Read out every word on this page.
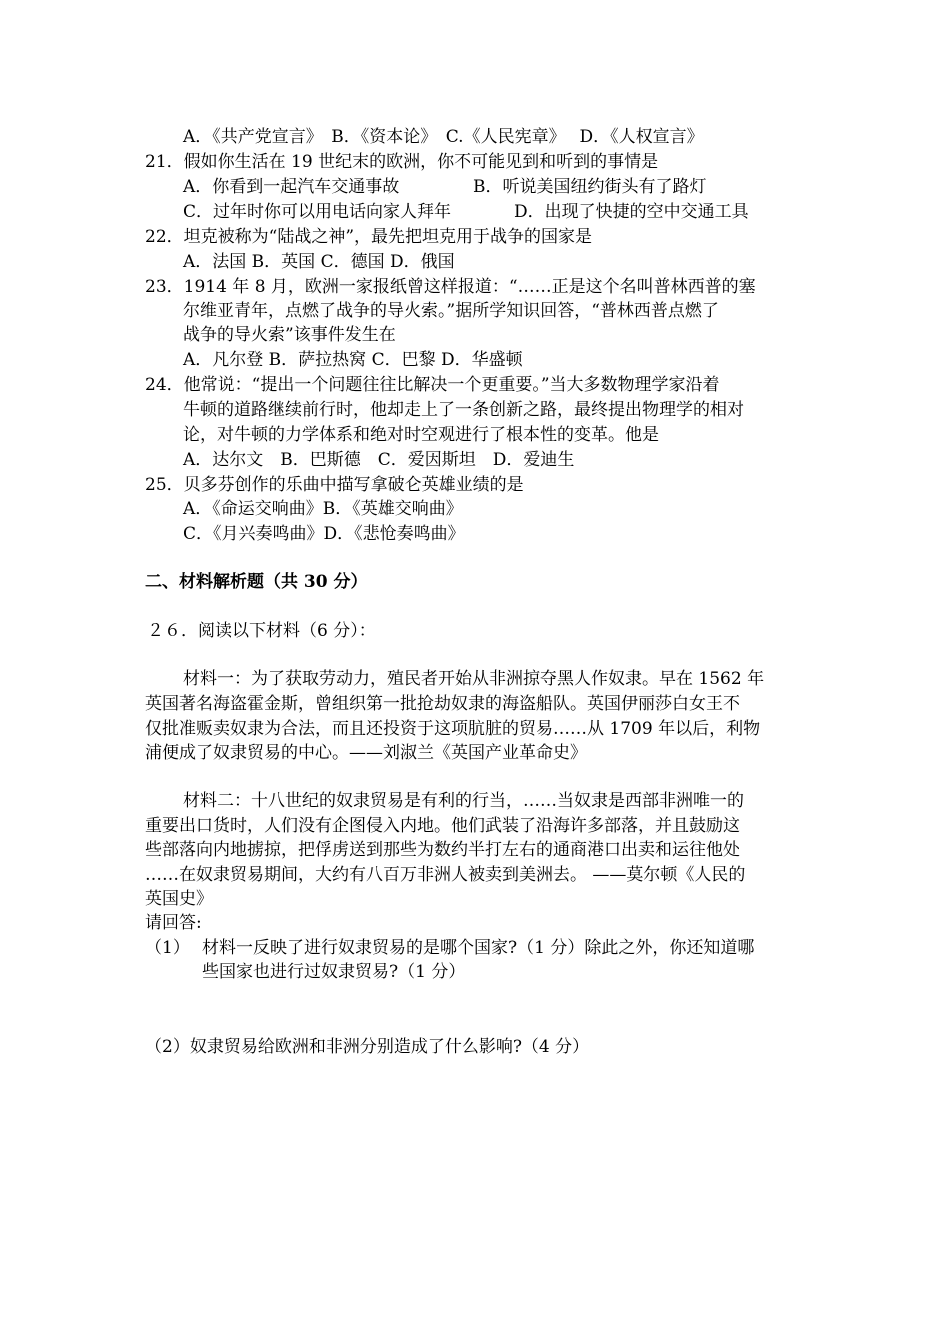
A．《共产党宣言》　B．《资本论》　C.《人民宪章》　 D．《人权宣言》
21．假如你生活在 19 世纪末的欧洲，你不可能见到和听到的事情是
A．你看到一起汽车交通事故	B．听说美国纽约街头有了路灯
C．过年时你可以用电话向家人拜年	D．出现了快捷的空中交通工具
22．坦克被称为“陆战之神”，最先把坦克用于战争的国家是
A．法国 B．英国 C．德国 D．俄国
23．1914 年 8 月，欧洲一家报纸曾这样报道：“……正是这个名叫普林西普的塞
尔维亚青年，点燃了战争的导火索。”据所学知识回答，“普林西普点燃了
战争的导火索”该事件发生在
A．凡尔登 B．萨拉热窝 C．巴黎 D．华盛顿
24．他常说：“提出一个问题往往比解决一个更重要。”当大多数物理学家沿着
牛顿的道路继续前行时，他却走上了一条创新之路，最终提出物理学的相对
论，对牛顿的力学体系和绝对时空观进行了根本性的变革。他是
A．达尔文　B．巴斯德　C．爱因斯坦　D．爱迪生
25．贝多芬创作的乐曲中描写拿破仑英雄业绩的是
A．《命运交响曲》B．《英雄交响曲》
C．《月兴奏鸣曲》D．《悲怆奏鸣曲》
二、材料解析题（共 30 分）
２６．阅读以下材料（6 分）：
材料一：为了获取劳动力，殖民者开始从非洲掠夺黑人作奴隶。早在 1562 年
英国著名海盗霍金斯，曾组织第一批抢劫奴隶的海盗船队。英国伊丽莎白女王不
仅批准贩卖奴隶为合法，而且还投资于这项肮脏的贸易……从 1709 年以后，利物
浦便成了奴隶贸易的中心。——刘淑兰《英国产业革命史》
材料二：十八世纪的奴隶贸易是有利的行当，……当奴隶是西部非洲唯一的
重要出口货时，人们没有企图侵入内地。他们武装了沿海许多部落，并且鼓励这
些部落向内地掳掠，把俘虏送到那些为数约半打左右的通商港口出卖和运往他处
……在奴隶贸易期间，大约有八百万非洲人被卖到美洲去。 ——莫尔顿《人民的
英国史》
请回答:
（1） 材料一反映了进行奴隶贸易的是哪个国家?（1 分）除此之外，你还知道哪
些国家也进行过奴隶贸易?（1 分）
（2）奴隶贸易给欧洲和非洲分别造成了什么影响?（4 分）
